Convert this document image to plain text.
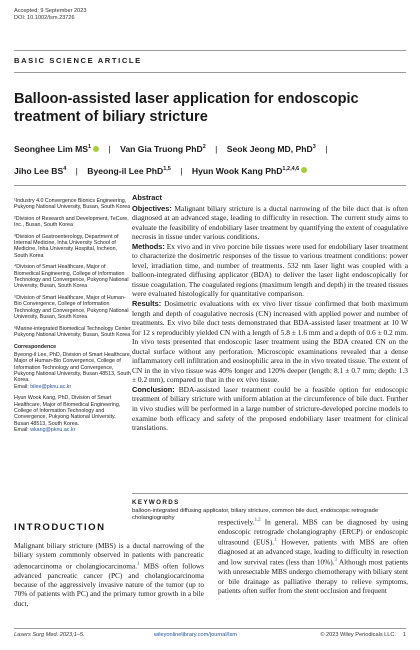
Accepted: 9 September 2023
DOI: 10.1002/lsm.23726
BASIC SCIENCE ARTICLE
Balloon-assisted laser application for endoscopic treatment of biliary stricture
Seonghee Lim $MS^1$ | Van Gia Truong PhD$^2$ | Seok Jeong MD, PhD$^3$ |
Jiho Lee $BS^4$ | Byeong-il Lee PhD$^{1,5}$ | Hyun Wook Kang PhD$^{1,2,4,6}$
¹Industry 4.0 Convergence Bionics Engineering, Pukyong National University, Busan, South Korea
²Division of Research and Development, TeCure, Inc., Busan, South Korea
³Division of Gastroenterology, Department of Internal Medicine, Inha University School of Medicine, Inha University Hospital, Incheon, South Korea
⁴Division of Smart Healthcare, Major of Biomedical Engineering, College of Information Technology and Convergence, Pukyong National University, Busan, South Korea
⁵Division of Smart Healthcare, Major of Human-Bio Convergence, College of Information Technology and Convergence, Pukyong National University, Busan, South Korea
⁶Marine-integrated Biomedical Technology Center, Pukyong National University, Busan, South Korea
Correspondence
Byeong-il Lee, PhD, Division of Smart Healthcare, Major of Human-Bio Convergence, College of Information Technology and Convergence, Pukyong National University, Busan 48513, South Korea.
Email: bilee@pknu.ac.kr
Hyun Wook Kang, PhD, Division of Smart Healthcare, Major of Biomedical Engineering, College of Information Technology and Convergence, Pukyong National University, Busan 48513, South Korea.
Email: wkang@pknu.ac.kr
Abstract

Objectives: Malignant biliary stricture is a ductal narrowing of the bile duct that is often diagnosed at an advanced stage, leading to difficulty in resection. The current study aims to evaluate the feasibility of endobiliary laser treatment by quantifying the extent of coagulative necrosis in tissue under various conditions.

Methods: Ex vivo and in vivo porcine bile tissues were used for endobiliary laser treatment to characterize the dosimetric responses of the tissue to various treatment conditions: power level, irradiation time, and number of treatments. 532 nm laser light was coupled with a balloon-integrated diffusing applicator (BDA) to deliver the laser light endoscopically for tissue coagulation. The coagulated regions (maximum length and depth) in the treated tissues were evaluated histologically for quantitative comparison.

Results: Dosimetric evaluations with ex vivo liver tissue confirmed that both maximum length and depth of coagulative necrosis (CN) increased with applied power and number of treatments. Ex vivo bile duct tests demonstrated that BDA-assisted laser treatment at 10 W for 12 s reproducibly yielded CN with a length of 5.8 ± 1.6 mm and a depth of 0.6 ± 0.2 mm. In vivo tests presented that endoscopic laser treatment using the BDA created CN on the ductal surface without any perforation. Microscopic examinations revealed that a dense inflammatory cell infiltration and eosinophilic area in the in vivo treated tissue. The extent of CN in the in vivo tissue was 40% longer and 120% deeper (length: 8.1 ± 0.7 mm; depth: 1.3 ± 0.2 mm), compared to that in the ex vivo tissue.

Conclusion: BDA-assisted laser treatment could be a feasible option for endoscopic treatment of biliary stricture with uniform ablation at the circumference of bile duct. Further in vivo studies will be performed in a large number of stricture-developed porcine models to examine both efficacy and safety of the proposed endobiliary laser treatment for clinical translations.

KEYWORDS
balloon-integrated diffusing applicator, biliary stricture, common bile duct, endoscopic retrograde cholangiography
INTRODUCTION

Malignant biliary stricture (MBS) is a ductal narrowing of the biliary system commonly observed in patients with pancreatic adenocarcinoma or cholangiocarcinoma.$^1$ MBS often follows advanced pancreatic cancer (PC) and cholangiocarcinoma because of the aggressively invasive nature of the tumor (up to 70% of patients with PC) and the primary tumor growth in a bile duct,

respectively.$^{1,2}$ In general, MBS can be diagnosed by using endoscopic retrograde cholangiography (ERCP) or endoscopic ultrasound (EUS).$^1$ However, patients with MBS are often diagnosed at an advanced stage, leading to difficulty in resection and low survival rates (less than 10%).$^3$ Although most patients with unresectable MBS undergo chemotherapy with biliary stent or bile drainage as palliative therapy to relieve symptoms, patients often suffer from the stent occlusion and frequent

Lasers Surg Med. 2023;1–5.	wileyonlinelibrary.com/journal/lsm	© 2023 Wiley Periodicals LLC. 1
